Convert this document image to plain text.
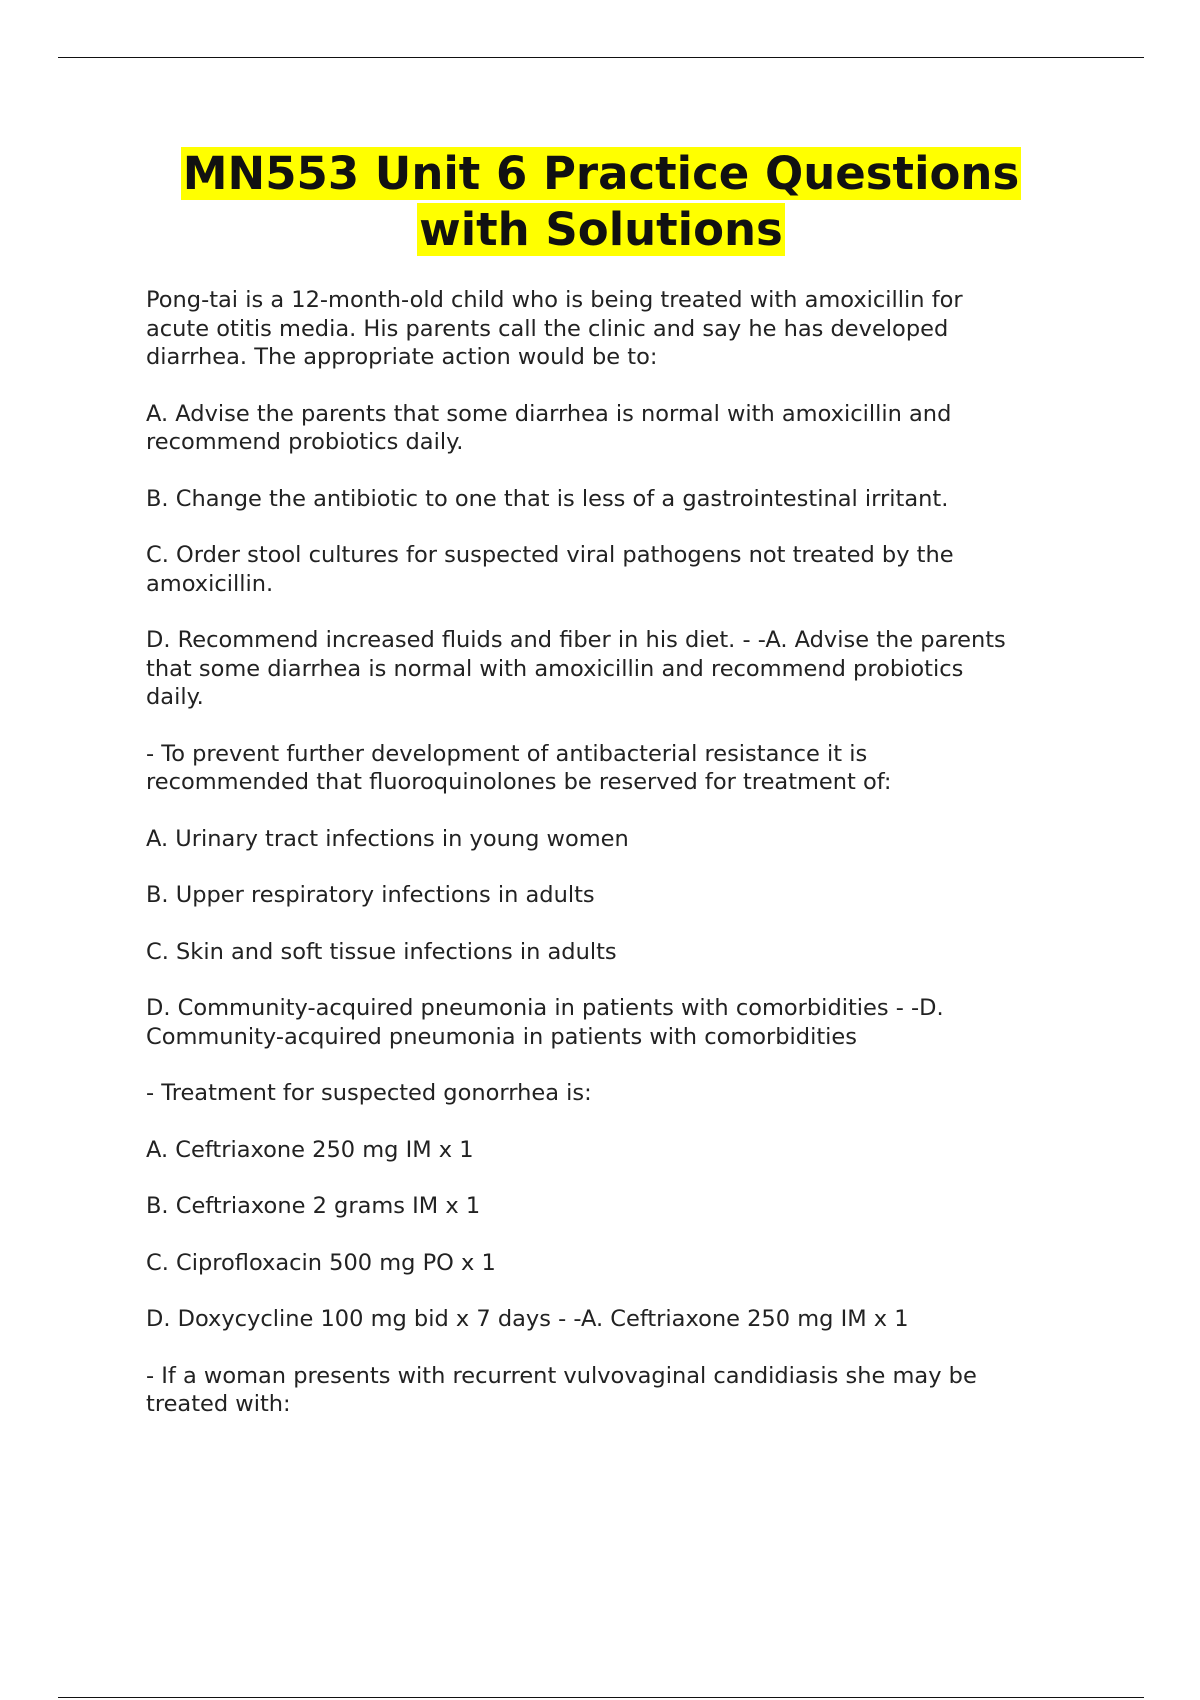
MN553 Unit 6 Practice Questions
with Solutions

Pong-tai is a 12-month-old child who is being treated with amoxicillin for
acute otitis media. His parents call the clinic and say he has developed
diarrhea. The appropriate action would be to:

A. Advise the parents that some diarrhea is normal with amoxicillin and
recommend probiotics daily.

B. Change the antibiotic to one that is less of a gastrointestinal irritant.

C. Order stool cultures for suspected viral pathogens not treated by the
amoxicillin.

D. Recommend increased fluids and fiber in his diet. - -A. Advise the parents
that some diarrhea is normal with amoxicillin and recommend probiotics
daily.

- To prevent further development of antibacterial resistance it is
recommended that fluoroquinolones be reserved for treatment of:

A. Urinary tract infections in young women

B. Upper respiratory infections in adults

C. Skin and soft tissue infections in adults

D. Community-acquired pneumonia in patients with comorbidities - -D.
Community-acquired pneumonia in patients with comorbidities

- Treatment for suspected gonorrhea is:

A. Ceftriaxone 250 mg IM x 1

B. Ceftriaxone 2 grams IM x 1

C. Ciprofloxacin 500 mg PO x 1

D. Doxycycline 100 mg bid x 7 days - -A. Ceftriaxone 250 mg IM x 1

- If a woman presents with recurrent vulvovaginal candidiasis she may be
treated with:
